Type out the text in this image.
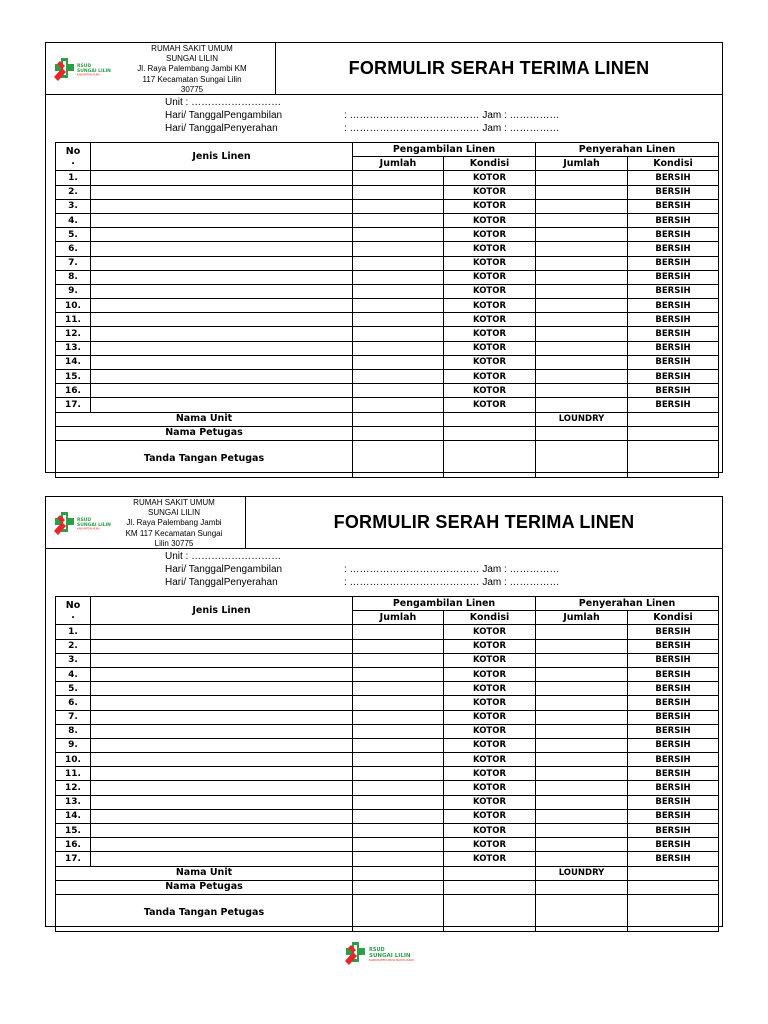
RSUD
SUNGAI LILIN
KABUPATEN MUBA
RUMAH SAKIT UMUM
SUNGAI LILIN
Jl. Raya Palembang Jambi KM
117 Kecamatan Sungai Lilin
30775
FORMULIR SERAH TERIMA LINEN
Unit : ………………………
Hari/ TanggalPengambilan	: ………………………………… Jam : ……………
Hari/ TanggalPenyerahan	: ………………………………… Jam : ……………
No
.	Jenis Linen	Pengambilan Linen		Penyerahan Linen	
		Jumlah	Kondisi	Jumlah	Kondisi
1.			KOTOR		BERSIH
2.			KOTOR		BERSIH
3.			KOTOR		BERSIH
4.			KOTOR		BERSIH
5.			KOTOR		BERSIH
6.			KOTOR		BERSIH
7.			KOTOR		BERSIH
8.			KOTOR		BERSIH
9.			KOTOR		BERSIH
10.			KOTOR		BERSIH
11.			KOTOR		BERSIH
12.			KOTOR		BERSIH
13.			KOTOR		BERSIH
14.			KOTOR		BERSIH
15.			KOTOR		BERSIH
16.			KOTOR		BERSIH
17.			KOTOR		BERSIH
Nama Unit				LOUNDRY	
Nama Petugas					
Tanda Tangan Petugas					
RSUD
SUNGAI LILIN
KABUPATEN MUBA
RUMAH SAKIT UMUM
SUNGAI LILIN
Jl. Raya Palembang Jambi
KM 117 Kecamatan Sungai
Lilin 30775
FORMULIR SERAH TERIMA LINEN
Unit : ………………………
Hari/ TanggalPengambilan	: ………………………………… Jam : ……………
Hari/ TanggalPenyerahan	: ………………………………… Jam : ……………
No
.	Jenis Linen	Pengambilan Linen		Penyerahan Linen	
		Jumlah	Kondisi	Jumlah	Kondisi
1.			KOTOR		BERSIH
2.			KOTOR		BERSIH
3.			KOTOR		BERSIH
4.			KOTOR		BERSIH
5.			KOTOR		BERSIH
6.			KOTOR		BERSIH
7.			KOTOR		BERSIH
8.			KOTOR		BERSIH
9.			KOTOR		BERSIH
10.			KOTOR		BERSIH
11.			KOTOR		BERSIH
12.			KOTOR		BERSIH
13.			KOTOR		BERSIH
14.			KOTOR		BERSIH
15.			KOTOR		BERSIH
16.			KOTOR		BERSIH
17.			KOTOR		BERSIH
Nama Unit				LOUNDRY	
Nama Petugas					
Tanda Tangan Petugas					
RSUD
SUNGAI LILIN
KABUPATEN MUSI BANYUASIN
